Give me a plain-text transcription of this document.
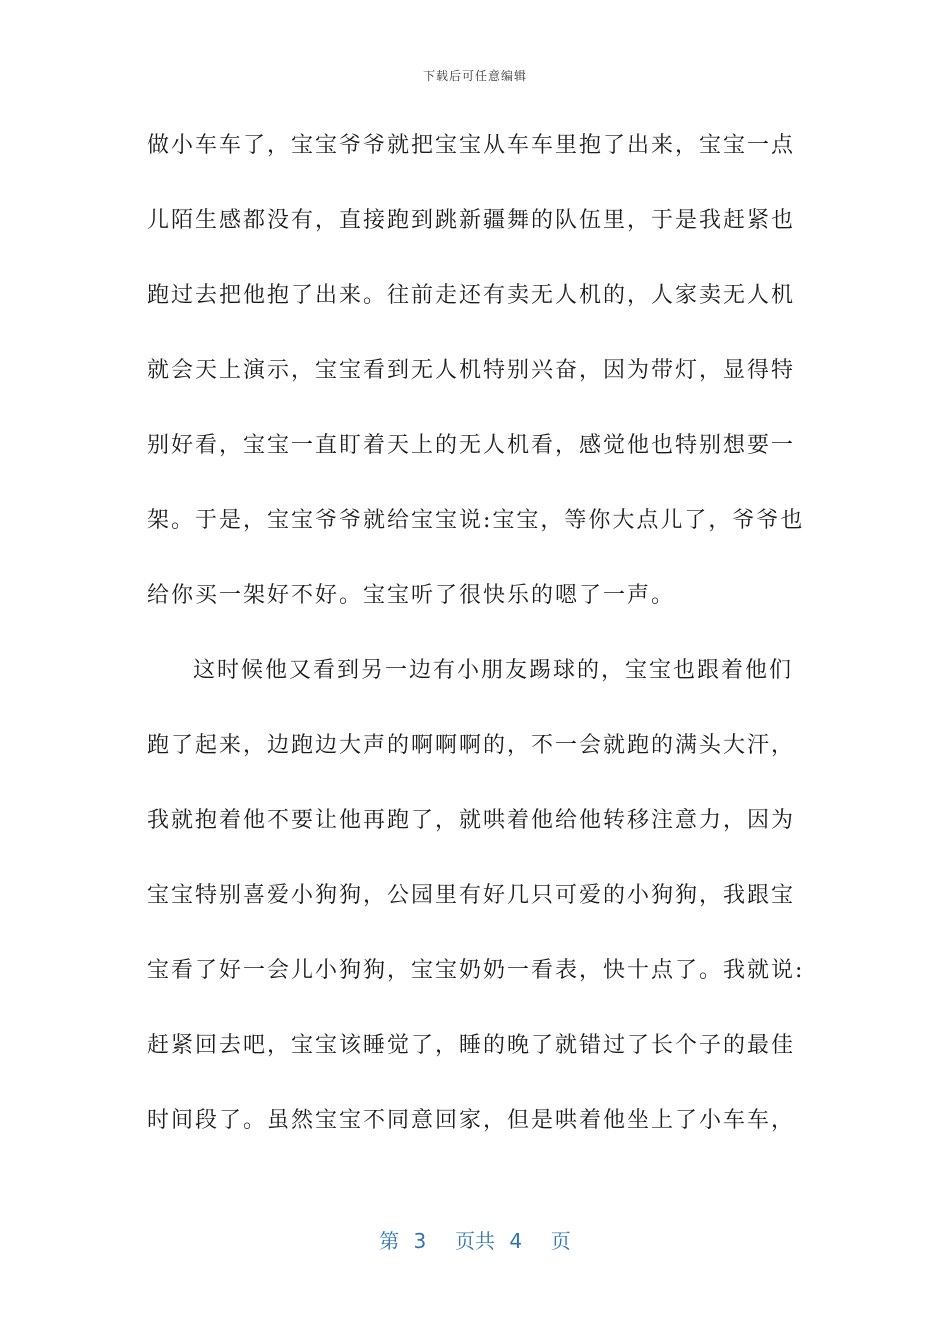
下载后可任意编辑
做小车车了，宝宝爷爷就把宝宝从车车里抱了出来，宝宝一点
儿陌生感都没有，直接跑到跳新疆舞的队伍里，于是我赶紧也
跑过去把他抱了出来。往前走还有卖无人机的，人家卖无人机
就会天上演示，宝宝看到无人机特别兴奋，因为带灯，显得特
别好看，宝宝一直盯着天上的无人机看，感觉他也特别想要一
架。于是，宝宝爷爷就给宝宝说:宝宝，等你大点儿了，爷爷也
给你买一架好不好。宝宝听了很快乐的嗯了一声。
这时候他又看到另一边有小朋友踢球的，宝宝也跟着他们
跑了起来，边跑边大声的啊啊啊的，不一会就跑的满头大汗，
我就抱着他不要让他再跑了，就哄着他给他转移注意力，因为
宝宝特别喜爱小狗狗，公园里有好几只可爱的小狗狗，我跟宝
宝看了好一会儿小狗狗，宝宝奶奶一看表，快十点了。我就说:
赶紧回去吧，宝宝该睡觉了，睡的晚了就错过了长个子的最佳
时间段了。虽然宝宝不同意回家，但是哄着他坐上了小车车，
第 3  页共 4  页
